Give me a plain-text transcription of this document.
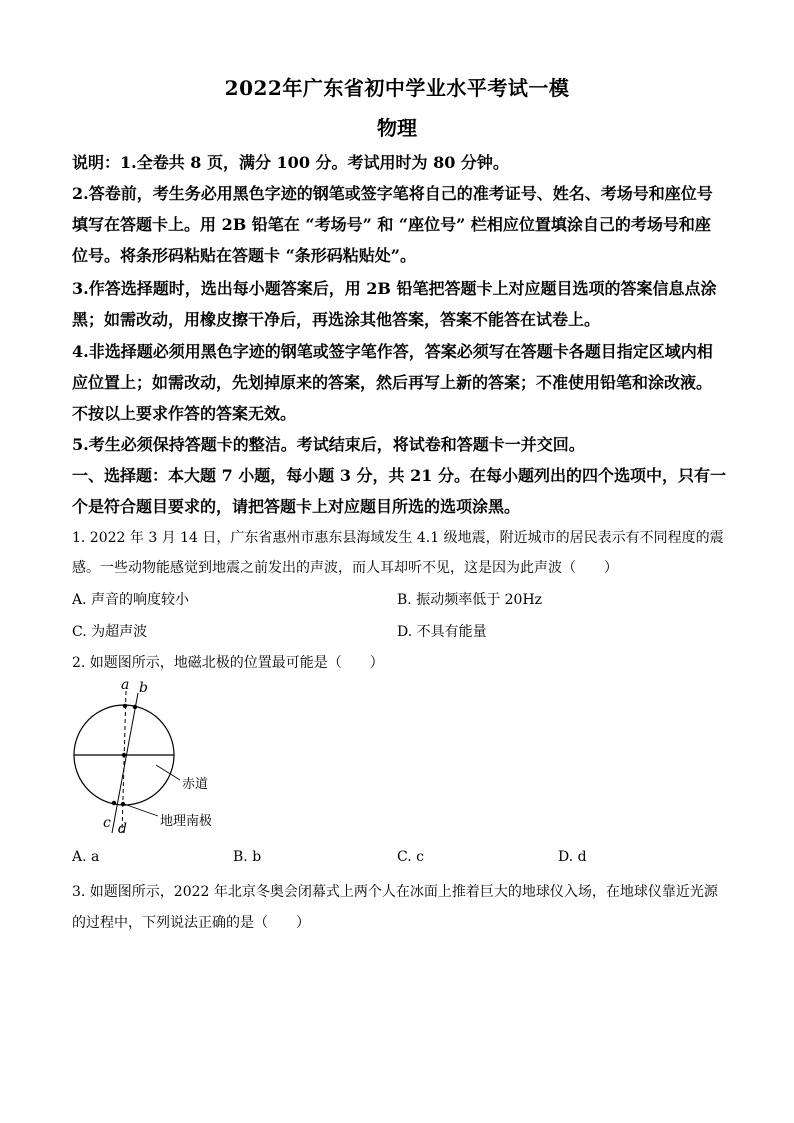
2022年广东省初中学业水平考试一模
物理
说明：1.全卷共 8 页，满分 100 分。考试用时为 80 分钟。
2.答卷前，考生务必用黑色字迹的钢笔或签字笔将自己的准考证号、姓名、考场号和座位号
填写在答题卡上。用 2B 铅笔在 “考场号” 和 “座位号” 栏相应位置填涂自己的考场号和座
位号。将条形码粘贴在答题卡 “条形码粘贴处”。
3.作答选择题时，选出每小题答案后，用 2B 铅笔把答题卡上对应题目选项的答案信息点涂
黑；如需改动，用橡皮擦干净后，再选涂其他答案，答案不能答在试卷上。
4.非选择题必须用黑色字迹的钢笔或签字笔作答，答案必须写在答题卡各题目指定区域内相
应位置上；如需改动，先划掉原来的答案，然后再写上新的答案；不准使用铅笔和涂改液。
不按以上要求作答的答案无效。
5.考生必须保持答题卡的整洁。考试结束后，将试卷和答题卡一并交回。
一、选择题：本大题 7 小题，每小题 3 分，共 21 分。在每小题列出的四个选项中，只有一
个是符合题目要求的，请把答题卡上对应题目所选的选项涂黑。
1. 2022 年 3 月 14 日，广东省惠州市惠东县海域发生 4.1 级地震，附近城市的居民表示有不同程度的震
感。一些动物能感觉到地震之前发出的声波，而人耳却听不见，这是因为此声波（　　）
A. 声音的响度较小	B. 振动频率低于 20Hz
C. 为超声波	D. 不具有能量
2. 如题图所示，地磁北极的位置最可能是（　　）
a b
c d
赤道
地理南极
A. a	B. b	C. c	D. d
3. 如题图所示，2022 年北京冬奥会闭幕式上两个人在冰面上推着巨大的地球仪入场，在地球仪靠近光源
的过程中，下列说法正确的是（　　）
